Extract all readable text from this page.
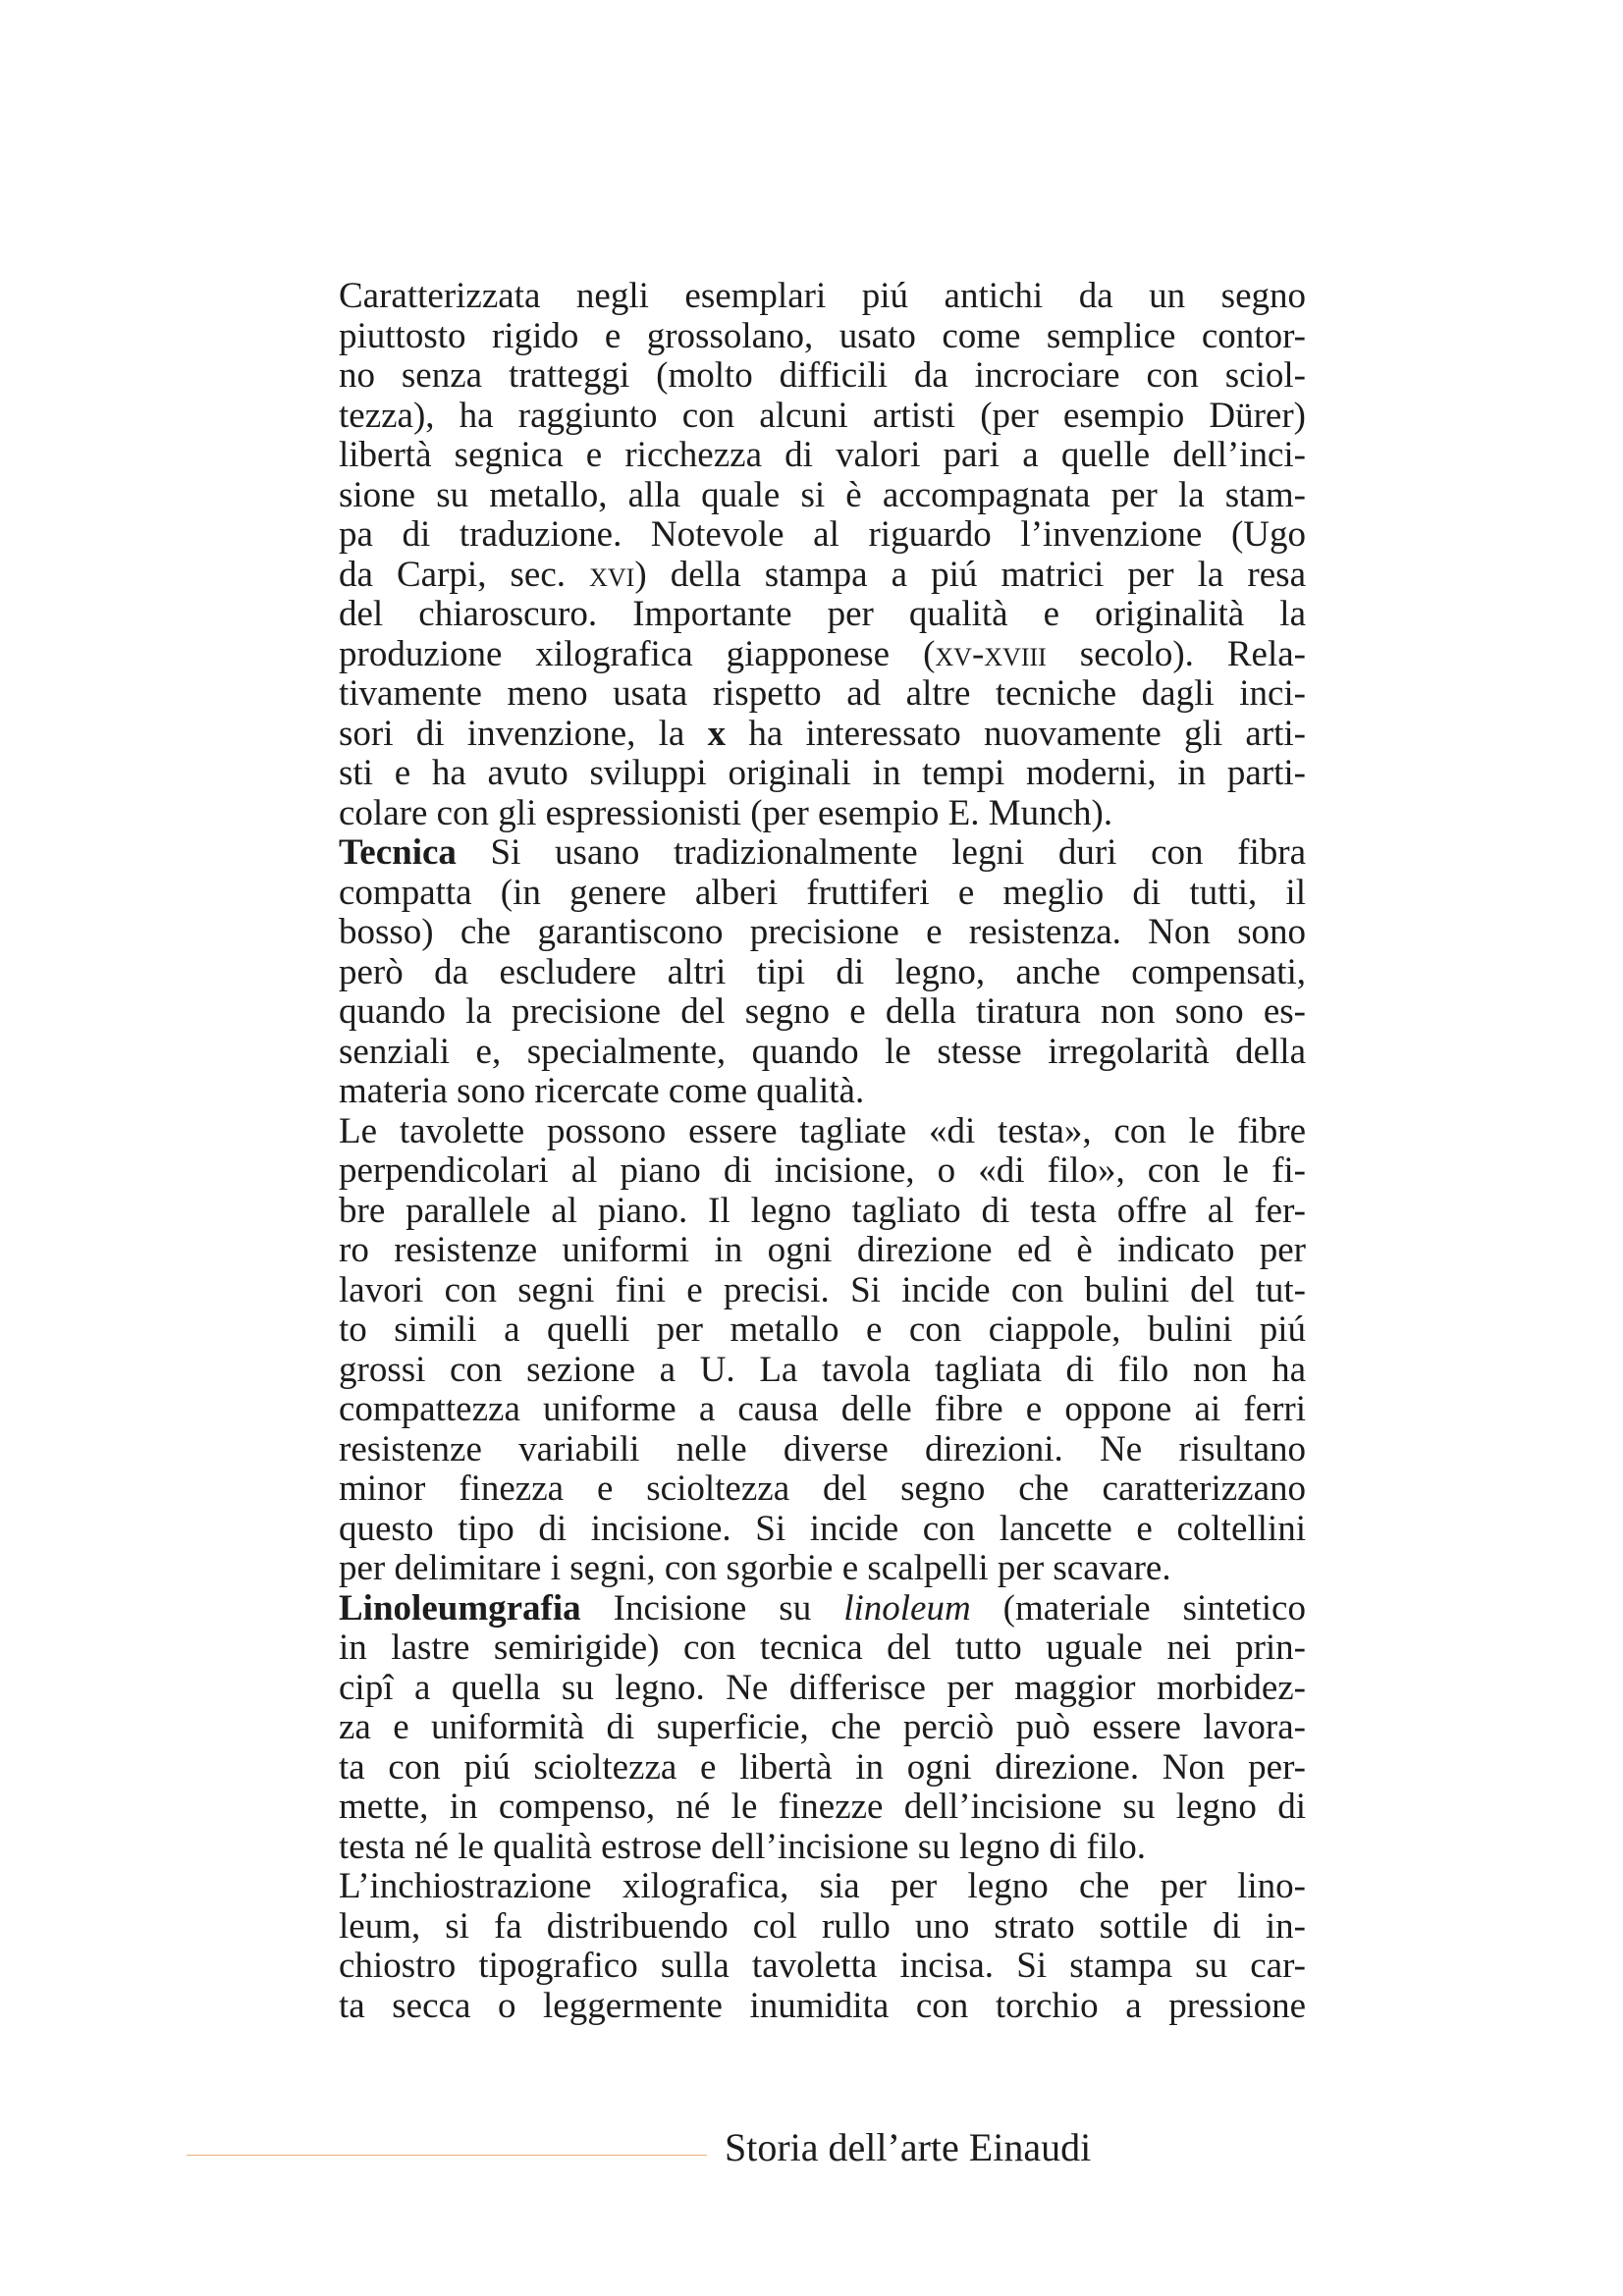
Caratterizzata negli esemplari piú antichi da un segno
piuttosto rigido e grossolano, usato come semplice contor-
no senza tratteggi (molto difficili da incrociare con sciol-
tezza), ha raggiunto con alcuni artisti (per esempio Dürer)
libertà segnica e ricchezza di valori pari a quelle dell’inci-
sione su metallo, alla quale si è accompagnata per la stam-
pa di traduzione. Notevole al riguardo l’invenzione (Ugo
da Carpi, sec. xvi) della stampa a piú matrici per la resa
del chiaroscuro. Importante per qualità e originalità la
produzione xilografica giapponese (xv-xviii secolo). Rela-
tivamente meno usata rispetto ad altre tecniche dagli inci-
sori di invenzione, la x ha interessato nuovamente gli arti-
sti e ha avuto sviluppi originali in tempi moderni, in parti-
colare con gli espressionisti (per esempio E. Munch).
Tecnica Si usano tradizionalmente legni duri con fibra
compatta (in genere alberi fruttiferi e meglio di tutti, il
bosso) che garantiscono precisione e resistenza. Non sono
però da escludere altri tipi di legno, anche compensati,
quando la precisione del segno e della tiratura non sono es-
senziali e, specialmente, quando le stesse irregolarità della
materia sono ricercate come qualità.
Le tavolette possono essere tagliate «di testa», con le fibre
perpendicolari al piano di incisione, o «di filo», con le fi-
bre parallele al piano. Il legno tagliato di testa offre al fer-
ro resistenze uniformi in ogni direzione ed è indicato per
lavori con segni fini e precisi. Si incide con bulini del tut-
to simili a quelli per metallo e con ciappole, bulini piú
grossi con sezione a U. La tavola tagliata di filo non ha
compattezza uniforme a causa delle fibre e oppone ai ferri
resistenze variabili nelle diverse direzioni. Ne risultano
minor finezza e scioltezza del segno che caratterizzano
questo tipo di incisione. Si incide con lancette e coltellini
per delimitare i segni, con sgorbie e scalpelli per scavare.
Linoleumgrafia Incisione su linoleum (materiale sintetico
in lastre semirigide) con tecnica del tutto uguale nei prin-
cipî a quella su legno. Ne differisce per maggior morbidez-
za e uniformità di superficie, che perciò può essere lavora-
ta con piú scioltezza e libertà in ogni direzione. Non per-
mette, in compenso, né le finezze dell’incisione su legno di
testa né le qualità estrose dell’incisione su legno di filo.
L’inchiostrazione xilografica, sia per legno che per lino-
leum, si fa distribuendo col rullo uno strato sottile di in-
chiostro tipografico sulla tavoletta incisa. Si stampa su car-
ta secca o leggermente inumidita con torchio a pressione
Storia dell’arte Einaudi
